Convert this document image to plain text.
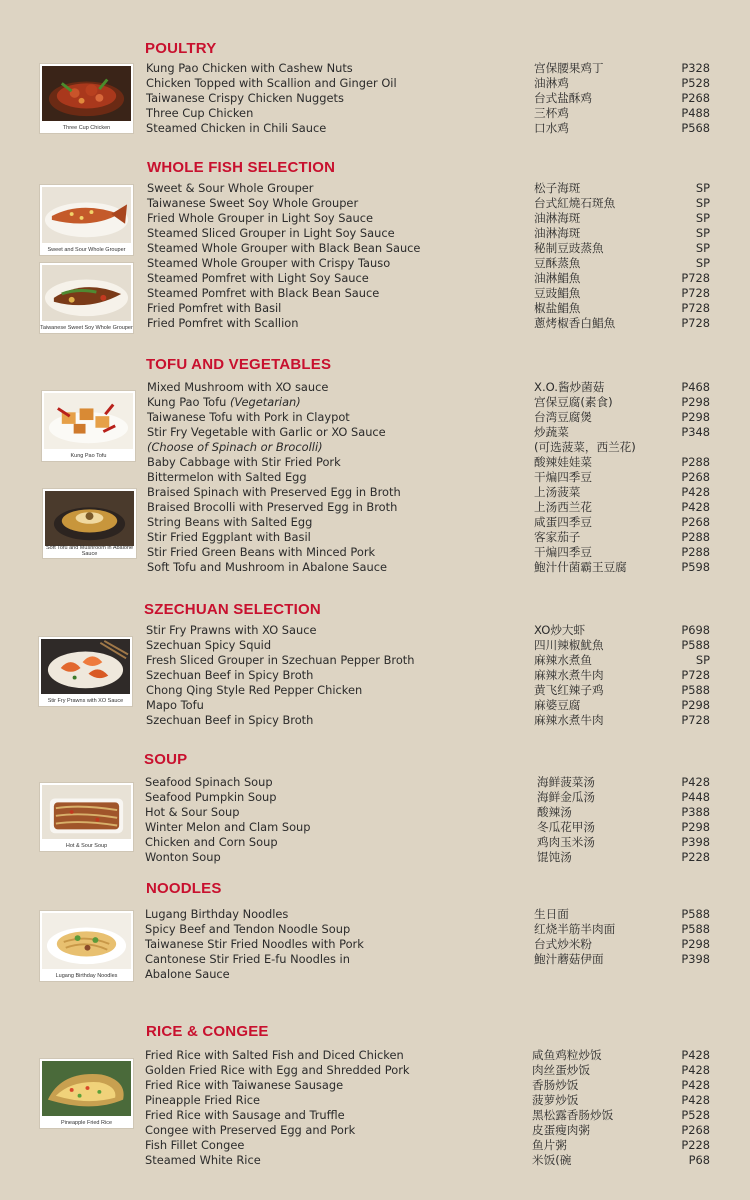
POULTRY
Kung Pao Chicken with Cashew Nuts	宫保腰果鸡丁	P328
Chicken Topped with Scallion and Ginger Oil	油淋鸡	P528
Taiwanese Crispy Chicken Nuggets	台式盐酥鸡	P268
Three Cup Chicken	三杯鸡	P488
Steamed Chicken in Chili Sauce	口水鸡	P568
Three Cup Chicken
WHOLE FISH SELECTION
Sweet & Sour Whole Grouper	松子海斑	SP
Taiwanese Sweet Soy Whole Grouper	台式紅燒石斑魚	SP
Fried Whole Grouper in Light Soy Sauce	油淋海斑	SP
Steamed Sliced Grouper in Light Soy Sauce	油淋海斑	SP
Steamed Whole Grouper with Black Bean Sauce	秘制豆豉蒸魚	SP
Steamed Whole Grouper with Crispy Tauso	豆酥蒸魚	SP
Steamed Pomfret with Light Soy Sauce	油淋鯧魚	P728
Steamed Pomfret with Black Bean Sauce	豆豉鯧魚	P728
Fried Pomfret with Basil	椒盐鯧魚	P728
Fried Pomfret with Scallion	蔥烤椒香白鯧魚	P728
Sweet and Sour Whole Grouper
Taiwanese Sweet Soy Whole Grouper
TOFU AND VEGETABLES
Mixed Mushroom with XO sauce	X.O.酱炒菌菇	P468
Kung Pao Tofu (Vegetarian)	宫保豆腐(素食)	P298
Taiwanese Tofu with Pork in Claypot	台湾豆腐煲	P298
Stir Fry Vegetable with Garlic or XO Sauce	炒蔬菜	P348
(Choose of Spinach or Brocolli)	(可选菠菜，西兰花)
Baby Cabbage with Stir Fried Pork	酸辣娃娃菜	P288
Bittermelon with Salted Egg	干煸四季豆	P268
Braised Spinach with Preserved Egg in Broth	上汤菠菜	P428
Braised Brocolli with Preserved Egg in Broth	上汤西兰花	P428
String Beans with Salted Egg	咸蛋四季豆	P268
Stir Fried Eggplant with Basil	客家茄子	P288
Stir Fried Green Beans with Minced Pork	干煸四季豆	P288
Soft Tofu and Mushroom in Abalone Sauce	鮑汁什菌霸王豆腐	P598
Kung Pao Tofu
Soft Tofu and Mushroom in Abalone Sauce
SZECHUAN SELECTION
Stir Fry Prawns with XO Sauce	XO炒大虾	P698
Szechuan Spicy Squid	四川辣椒魷魚	P588
Fresh Sliced Grouper in Szechuan Pepper Broth	麻辣水煮鱼	SP
Szechuan Beef in Spicy Broth	麻辣水煮牛肉	P728
Chong Qing Style Red Pepper Chicken	黄飞红辣子鸡	P588
Mapo Tofu	麻婆豆腐	P298
Szechuan Beef in Spicy Broth	麻辣水煮牛肉	P728
Stir Fry Prawns with XO Sauce
SOUP
Seafood Spinach Soup	海鲜菠菜汤	P428
Seafood Pumpkin Soup	海鲜金瓜汤	P448
Hot & Sour Soup	酸辣汤	P388
Winter Melon and Clam Soup	冬瓜花甲汤	P298
Chicken and Corn Soup	鸡肉玉米汤	P398
Wonton Soup	馄饨汤	P228
Hot & Sour Soup
NOODLES
Lugang Birthday Noodles	生日面	P588
Spicy Beef and Tendon Noodle Soup	红烧半筋半肉面	P588
Taiwanese Stir Fried Noodles with Pork	台式炒米粉	P298
Cantonese Stir Fried E-fu Noodles in	鮑汁蘑菇伊面	P398
Abalone Sauce
Lugang Birthday Noodles
RICE & CONGEE
Fried Rice with Salted Fish and Diced Chicken	咸鱼鸡粒炒饭	P428
Golden Fried Rice with Egg and Shredded Pork	肉丝蛋炒饭	P428
Fried Rice with Taiwanese Sausage	香肠炒饭	P428
Pineapple Fried Rice	菠萝炒饭	P428
Fried Rice with Sausage and Truffle	黑松露香肠炒饭	P528
Congee with Preserved Egg and Pork	皮蛋瘦肉粥	P268
Fish Fillet Congee	鱼片粥	P228
Steamed White Rice	米饭(碗	P68
Pineapple Fried Rice
